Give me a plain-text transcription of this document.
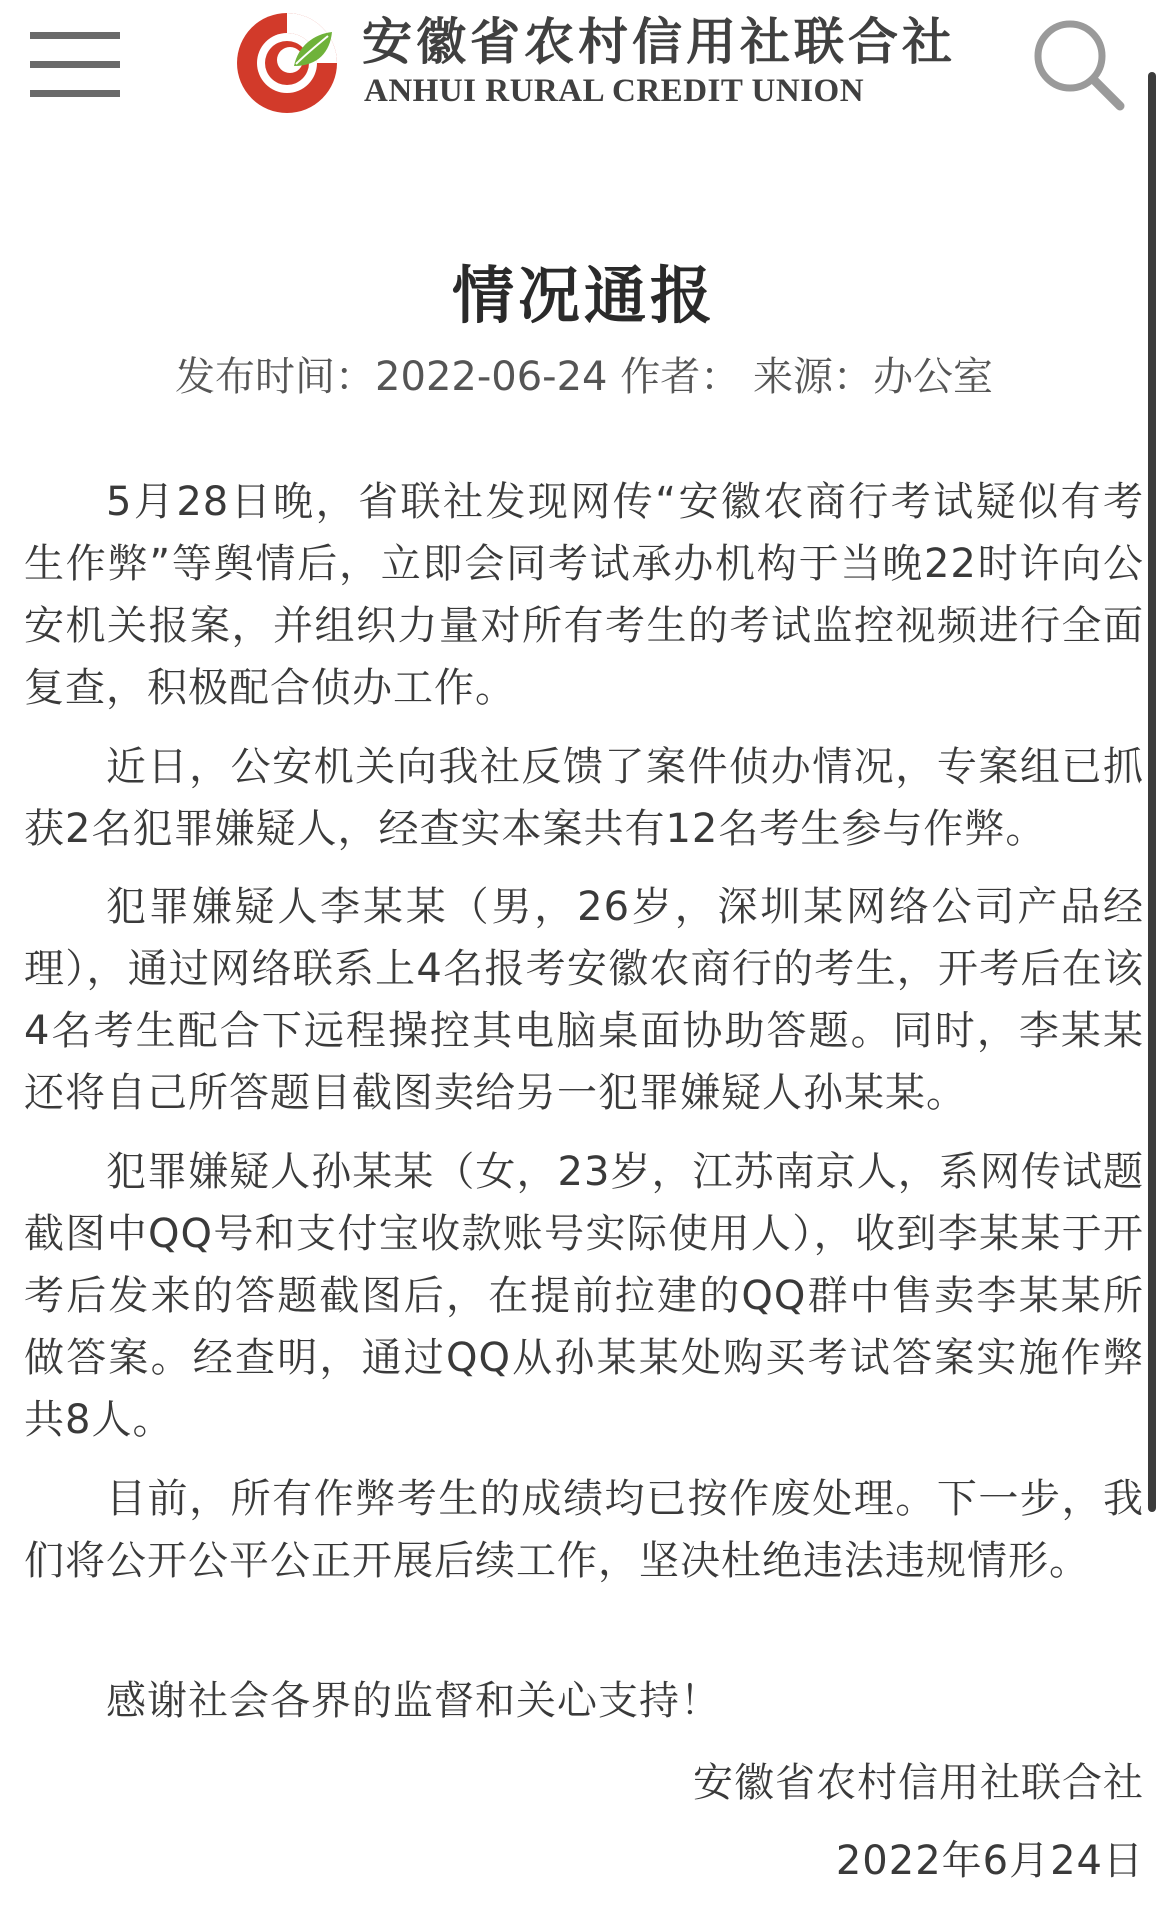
安徽省农村信用社联合社
ANHUI RURAL CREDIT UNION
情况通报
发布时间：2022-06-24 作者： 来源：办公室

5月28日晚，省联社发现网传“安徽农商行考试疑似有考生作弊”等舆情后，立即会同考试承办机构于当晚22时许向公安机关报案，并组织力量对所有考生的考试监控视频进行全面复查，积极配合侦办工作。

近日，公安机关向我社反馈了案件侦办情况，专案组已抓获2名犯罪嫌疑人，经查实本案共有12名考生参与作弊。

犯罪嫌疑人李某某（男，26岁，深圳某网络公司产品经理），通过网络联系上4名报考安徽农商行的考生，开考后在该4名考生配合下远程操控其电脑桌面协助答题。同时，李某某还将自己所答题目截图卖给另一犯罪嫌疑人孙某某。

犯罪嫌疑人孙某某（女，23岁，江苏南京人，系网传试题截图中QQ号和支付宝收款账号实际使用人），收到李某某于开考后发来的答题截图后，在提前拉建的QQ群中售卖李某某所做答案。经查明，通过QQ从孙某某处购买考试答案实施作弊共8人。

目前，所有作弊考生的成绩均已按作废处理。下一步，我们将公开公平公正开展后续工作，坚决杜绝违法违规情形。

感谢社会各界的监督和关心支持！

安徽省农村信用社联合社
2022年6月24日
